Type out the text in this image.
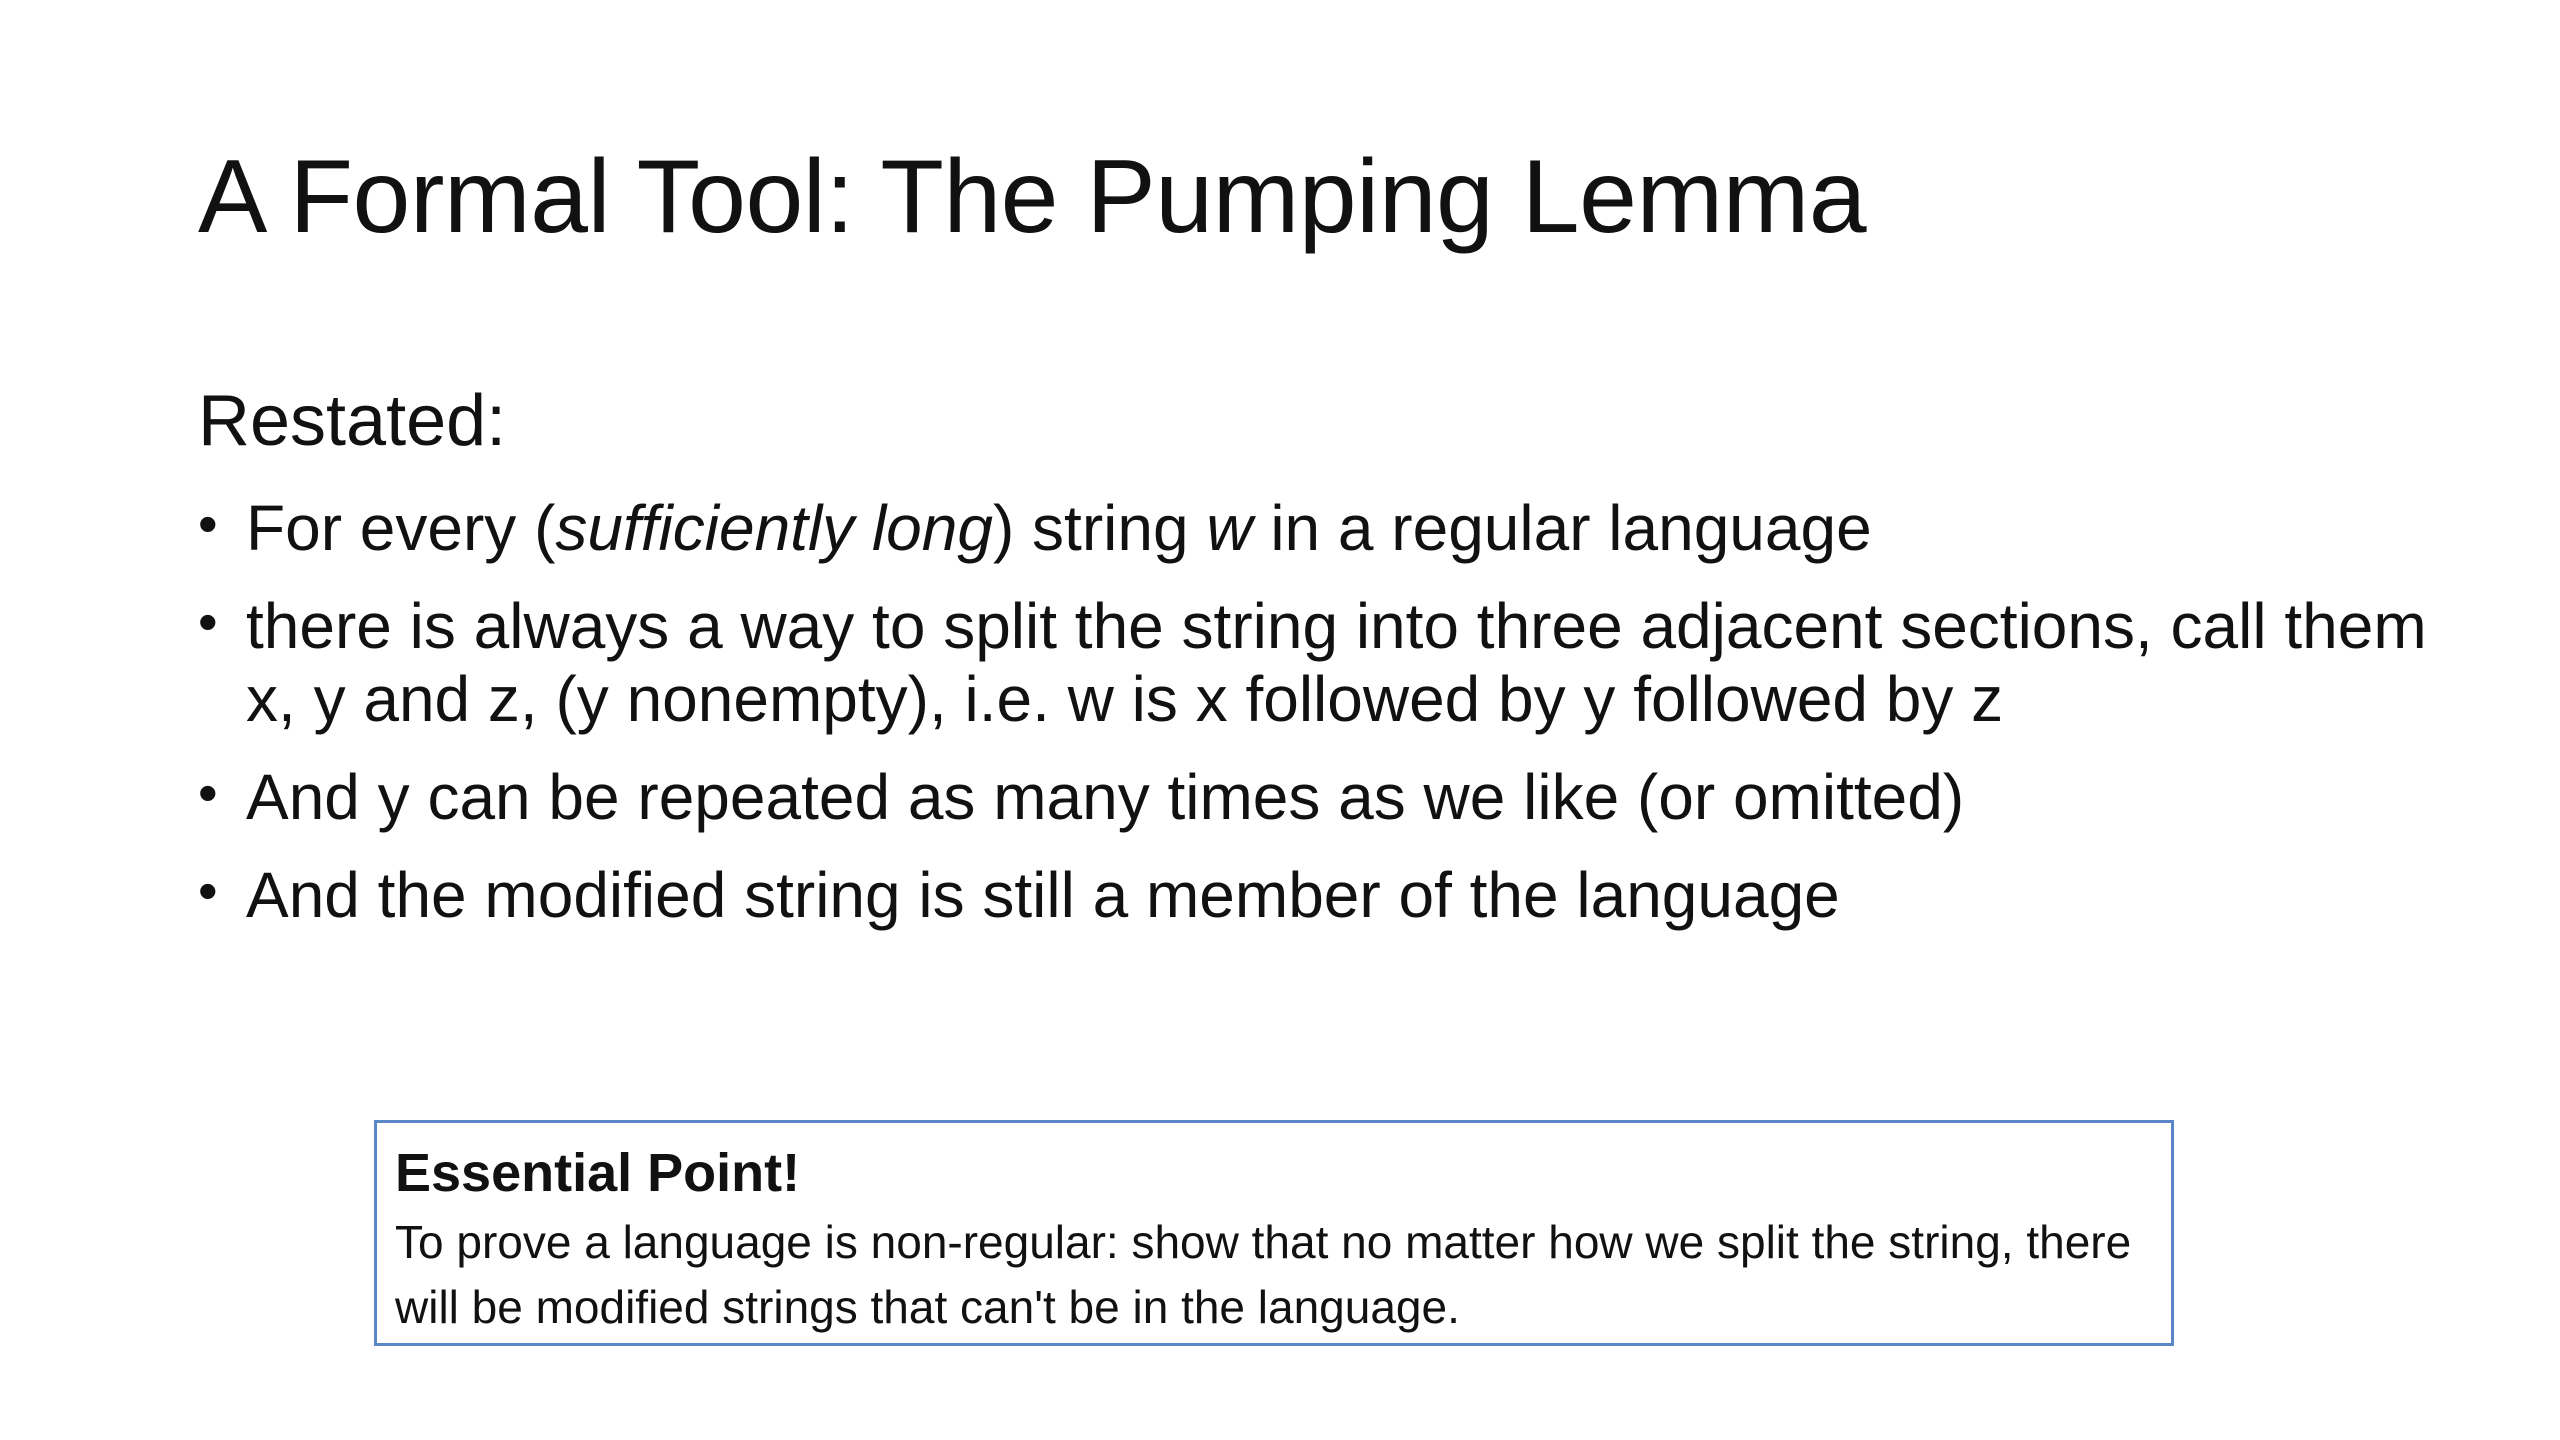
A Formal Tool: The Pumping Lemma
Restated:
• For every (sufficiently long) string w in a regular language
• there is always a way to split the string into three adjacent sections, call them x, y and z, (y nonempty), i.e. w is x followed by y followed by z
• And y can be repeated as many times as we like (or omitted)
• And the modified string is still a member of the language
Essential Point!
To prove a language is non-regular: show that no matter how we split the string, there will be modified strings that can't be in the language.
